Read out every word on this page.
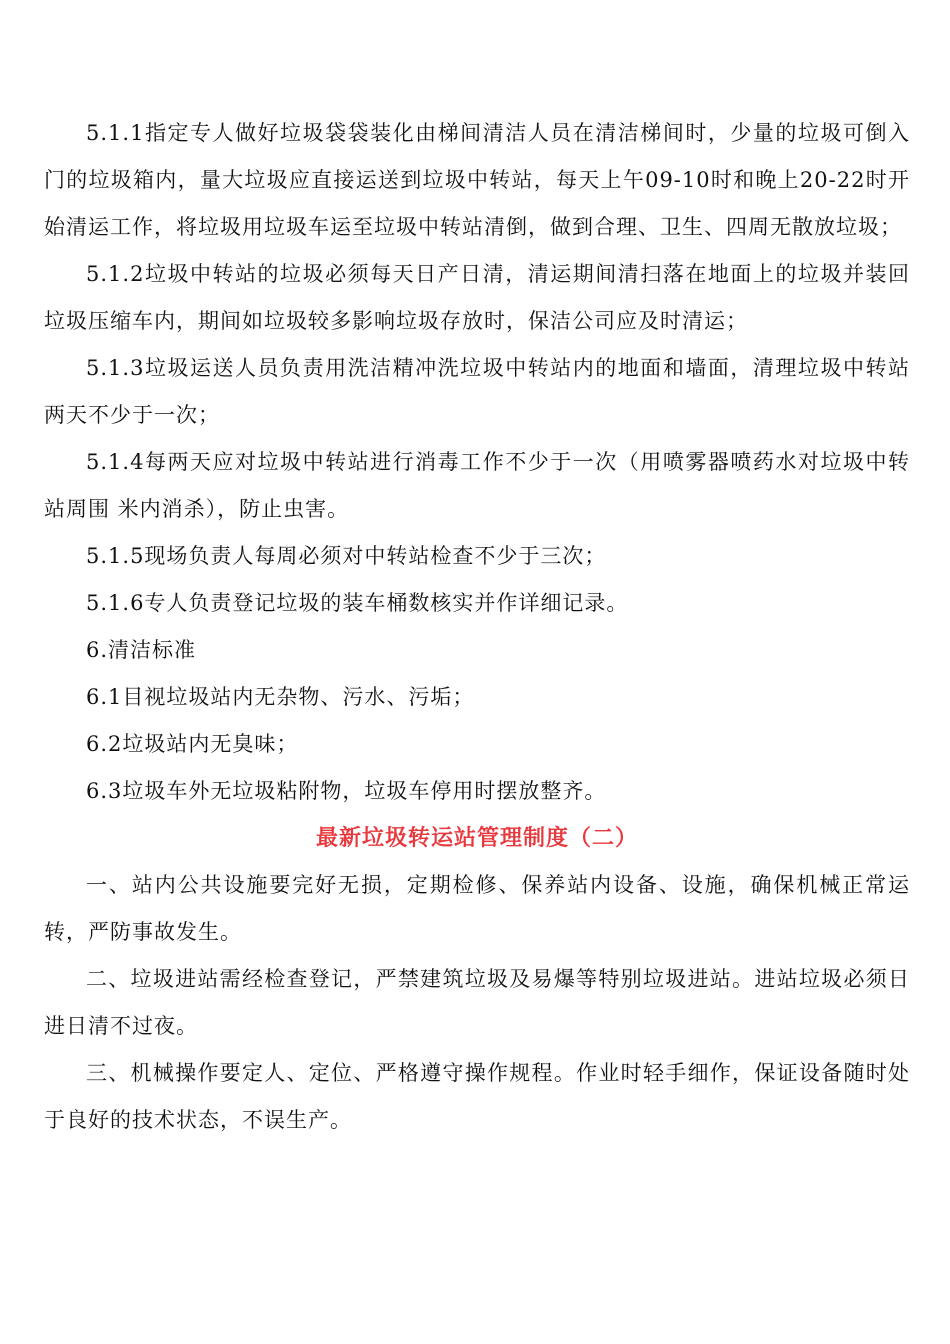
5.1.1指定专人做好垃圾袋袋装化由梯间清洁人员在清洁梯间时，少量的垃圾可倒入门的垃圾箱内，量大垃圾应直接运送到垃圾中转站，每天上午09-10时和晚上20-22时开始清运工作，将垃圾用垃圾车运至垃圾中转站清倒，做到合理、卫生、四周无散放垃圾；

5.1.2垃圾中转站的垃圾必须每天日产日清，清运期间清扫落在地面上的垃圾并装回垃圾压缩车内，期间如垃圾较多影响垃圾存放时，保洁公司应及时清运；

5.1.3垃圾运送人员负责用洗洁精冲洗垃圾中转站内的地面和墙面，清理垃圾中转站两天不少于一次；

5.1.4每两天应对垃圾中转站进行消毒工作不少于一次（用喷雾器喷药水对垃圾中转站周围 米内消杀），防止虫害。

5.1.5现场负责人每周必须对中转站检查不少于三次；

5.1.6专人负责登记垃圾的装车桶数核实并作详细记录。

6.清洁标准

6.1目视垃圾站内无杂物、污水、污垢；

6.2垃圾站内无臭味；

6.3垃圾车外无垃圾粘附物，垃圾车停用时摆放整齐。

最新垃圾转运站管理制度（二）

一、站内公共设施要完好无损，定期检修、保养站内设备、设施，确保机械正常运转，严防事故发生。

二、垃圾进站需经检查登记，严禁建筑垃圾及易爆等特别垃圾进站。进站垃圾必须日进日清不过夜。

三、机械操作要定人、定位、严格遵守操作规程。作业时轻手细作，保证设备随时处于良好的技术状态，不误生产。
